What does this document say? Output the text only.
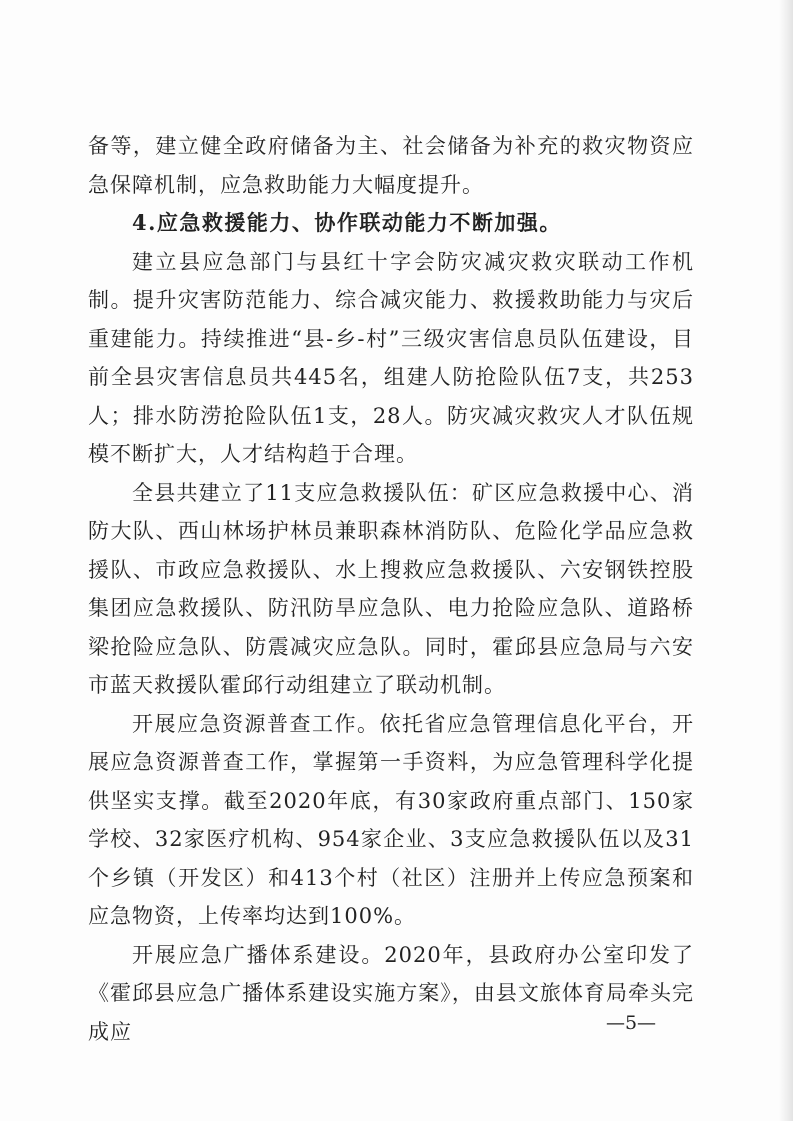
备等，建立健全政府储备为主、社会储备为补充的救灾物资应急保障机制，应急救助能力大幅度提升。

4.应急救援能力、协作联动能力不断加强。

建立县应急部门与县红十字会防灾减灾救灾联动工作机制。提升灾害防范能力、综合减灾能力、救援救助能力与灾后重建能力。持续推进“县-乡-村”三级灾害信息员队伍建设，目前全县灾害信息员共445名，组建人防抢险队伍7支，共253人；排水防涝抢险队伍1支，28人。防灾减灾救灾人才队伍规模不断扩大，人才结构趋于合理。

全县共建立了11支应急救援队伍：矿区应急救援中心、消防大队、西山林场护林员兼职森林消防队、危险化学品应急救援队、市政应急救援队、水上搜救应急救援队、六安钢铁控股集团应急救援队、防汛防旱应急队、电力抢险应急队、道路桥梁抢险应急队、防震减灾应急队。同时，霍邱县应急局与六安市蓝天救援队霍邱行动组建立了联动机制。

开展应急资源普查工作。依托省应急管理信息化平台，开展应急资源普查工作，掌握第一手资料，为应急管理科学化提供坚实支撑。截至2020年底，有30家政府重点部门、150家学校、32家医疗机构、954家企业、3支应急救援队伍以及31个乡镇（开发区）和413个村（社区）注册并上传应急预案和应急物资，上传率均达到100%。

开展应急广播体系建设。2020年，县政府办公室印发了《霍邱县应急广播体系建设实施方案》，由县文旅体育局牵头完成应	—5—
